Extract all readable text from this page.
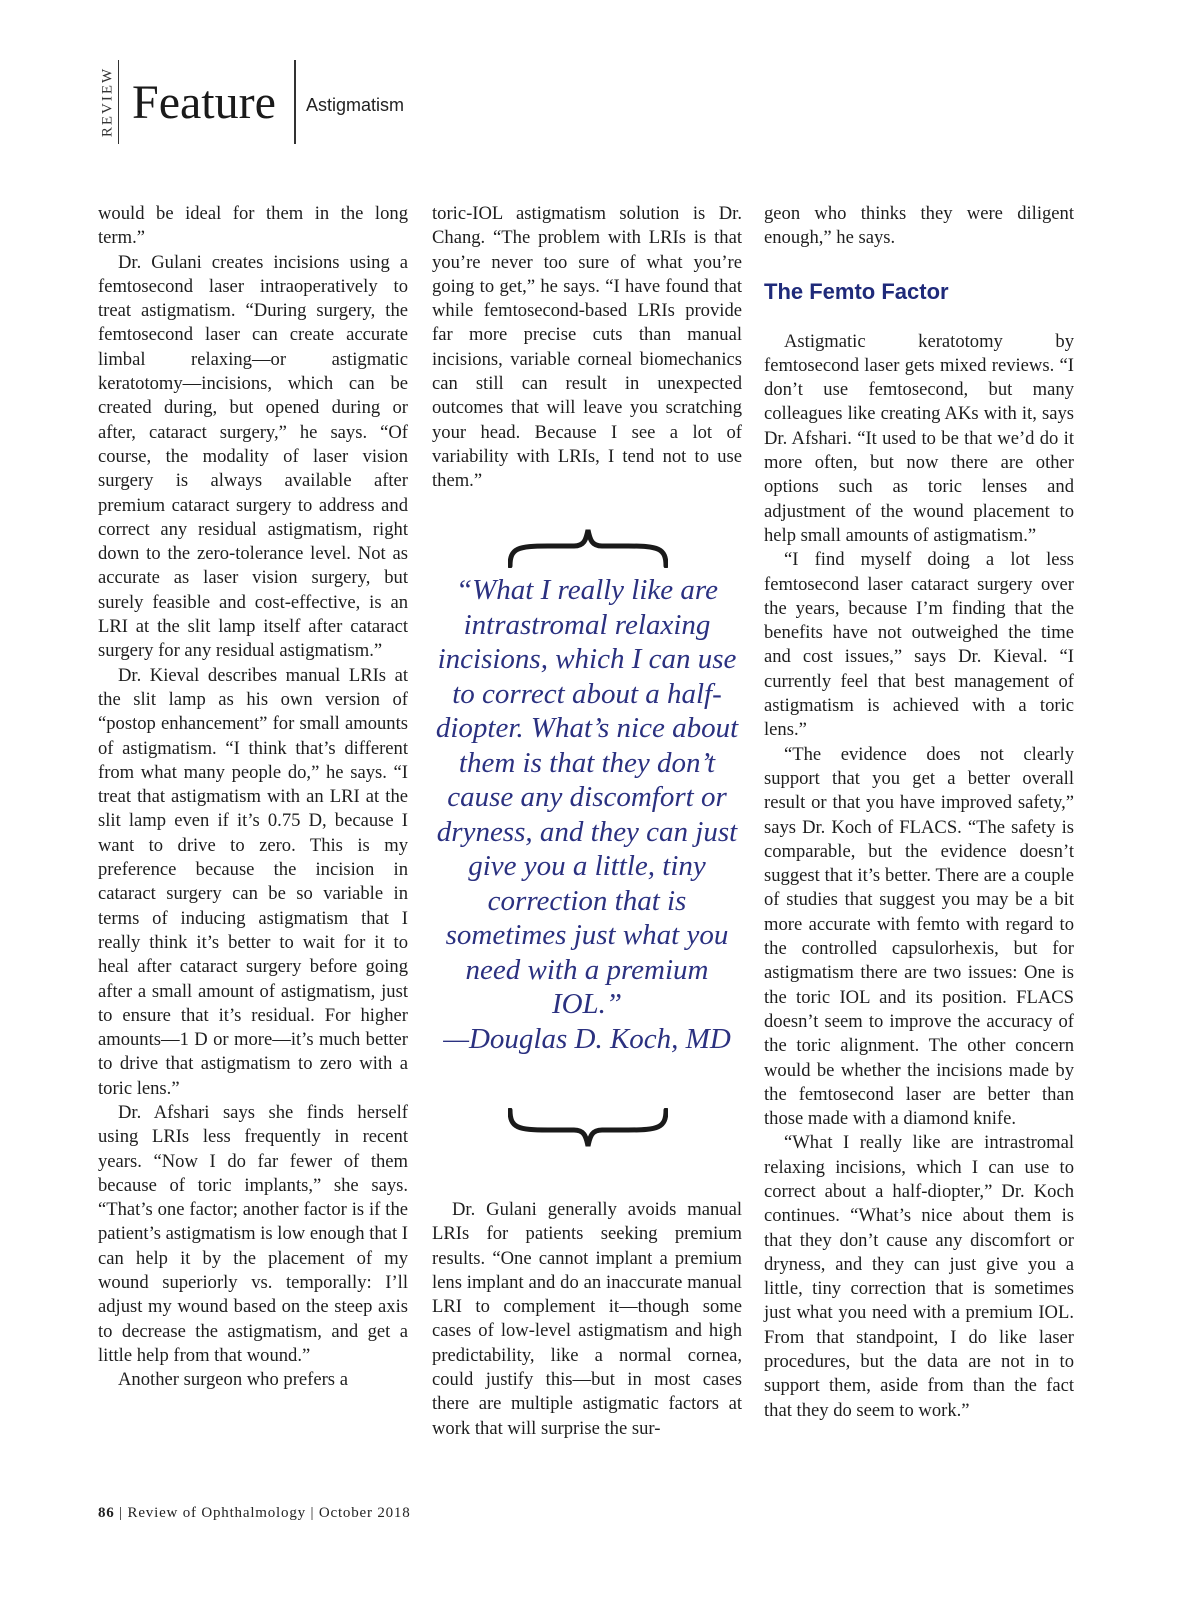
REVIEW Feature Astigmatism

would be ideal for them in the long term.”

Dr. Gulani creates incisions using a femtosecond laser intraoperatively to treat astigmatism. “During surgery, the femtosecond laser can create accurate limbal relaxing—or astigmatic keratotomy—incisions, which can be created during, but opened during or after, cataract surgery,” he says. “Of course, the modality of laser vision surgery is always available after premium cataract surgery to address and correct any residual astigmatism, right down to the zero-tolerance level. Not as accurate as laser vision surgery, but surely feasible and cost-effective, is an LRI at the slit lamp itself after cataract surgery for any residual astigmatism.”

Dr. Kieval describes manual LRIs at the slit lamp as his own version of “postop enhancement” for small amounts of astigmatism. “I think that’s different from what many people do,” he says. “I treat that astigmatism with an LRI at the slit lamp even if it’s 0.75 D, because I want to drive to zero. This is my preference because the incision in cataract surgery can be so variable in terms of inducing astigmatism that I really think it’s better to wait for it to heal after cataract surgery before going after a small amount of astigmatism, just to ensure that it’s residual. For higher amounts—1 D or more—it’s much better to drive that astigmatism to zero with a toric lens.”

Dr. Afshari says she finds herself using LRIs less frequently in recent years. “Now I do far fewer of them because of toric implants,” she says. “That’s one factor; another factor is if the patient’s astigmatism is low enough that I can help it by the placement of my wound superiorly vs. temporally: I’ll adjust my wound based on the steep axis to decrease the astigmatism, and get a little help from that wound.”

Another surgeon who prefers a

toric-IOL astigmatism solution is Dr. Chang. “The problem with LRIs is that you’re never too sure of what you’re going to get,” he says. “I have found that while femtosecond-based LRIs provide far more precise cuts than manual incisions, variable corneal biomechanics can still can result in unexpected outcomes that will leave you scratching your head. Because I see a lot of variability with LRIs, I tend not to use them.”

“What I really like are intrastromal relaxing incisions, which I can use to correct about a half-diopter. What’s nice about them is that they don’t cause any discomfort or dryness, and they can just give you a little, tiny correction that is sometimes just what you need with a premium IOL.”
—Douglas D. Koch, MD

Dr. Gulani generally avoids manual LRIs for patients seeking premium results. “One cannot implant a premium lens implant and do an inaccurate manual LRI to complement it—though some cases of low-level astigmatism and high predictability, like a normal cornea, could justify this—but in most cases there are multiple astigmatic factors at work that will surprise the sur-

geon who thinks they were diligent enough,” he says.

The Femto Factor

Astigmatic keratotomy by femtosecond laser gets mixed reviews. “I don’t use femtosecond, but many colleagues like creating AKs with it, says Dr. Afshari. “It used to be that we’d do it more often, but now there are other options such as toric lenses and adjustment of the wound placement to help small amounts of astigmatism.”

“I find myself doing a lot less femtosecond laser cataract surgery over the years, because I’m finding that the benefits have not outweighed the time and cost issues,” says Dr. Kieval. “I currently feel that best management of astigmatism is achieved with a toric lens.”

“The evidence does not clearly support that you get a better overall result or that you have improved safety,” says Dr. Koch of FLACS. “The safety is comparable, but the evidence doesn’t suggest that it’s better. There are a couple of studies that suggest you may be a bit more accurate with femto with regard to the controlled capsulorhexis, but for astigmatism there are two issues: One is the toric IOL and its position. FLACS doesn’t seem to improve the accuracy of the toric alignment. The other concern would be whether the incisions made by the femtosecond laser are better than those made with a diamond knife.

“What I really like are intrastromal relaxing incisions, which I can use to correct about a half-diopter,” Dr. Koch continues. “What’s nice about them is that they don’t cause any discomfort or dryness, and they can just give you a little, tiny correction that is sometimes just what you need with a premium IOL. From that standpoint, I do like laser procedures, but the data are not in to support them, aside from than the fact that they do seem to work.”

86 | Review of Ophthalmology | October 2018
